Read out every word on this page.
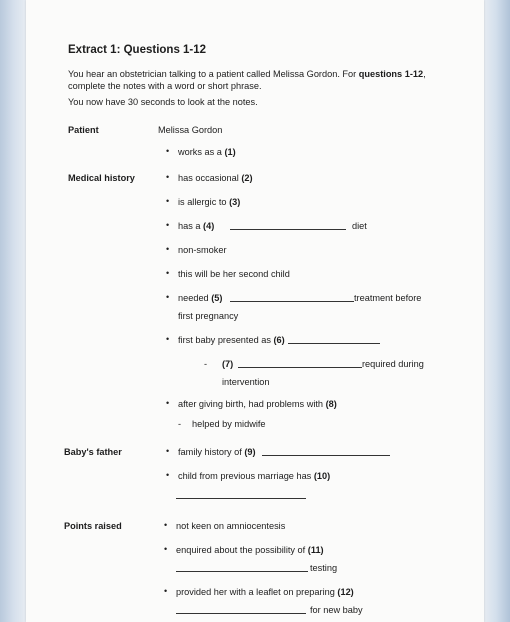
Extract 1: Questions 1-12
You hear an obstetrician talking to a patient called Melissa Gordon. For questions 1-12,
complete the notes with a word or short phrase.
You now have 30 seconds to look at the notes.
Patient	Melissa Gordon
• works as a (1)
Medical history	• has occasional (2)
• is allergic to (3)
• has a (4)	diet
• non-smoker
• this will be her second child
• needed (5)	treatment before
first pregnancy
• first baby presented as (6)
- (7)	required during
intervention
• after giving birth, had problems with (8)
- helped by midwife
Baby's father	• family history of (9)
• child from previous marriage has (10)
Points raised	• not keen on amniocentesis
• enquired about the possibility of (11)
testing
• provided her with a leaflet on preparing (12)
for new baby
